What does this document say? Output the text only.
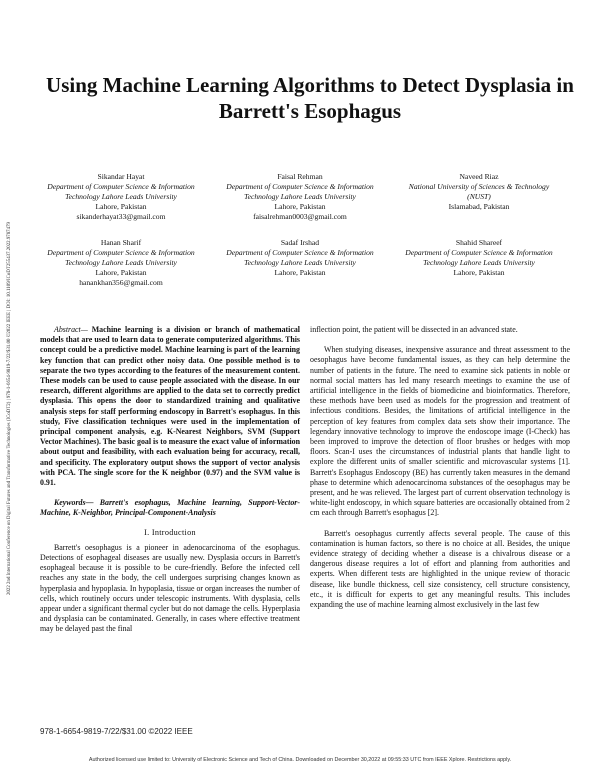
2022 2nd International Conference on Digital Futures and Transformative Technologies (ICoDT2) | 978-1-6654-9819-7/22/$31.00 ©2022 IEEE | DOI: 10.1109/ICoDT255437.2022.9787479
Using Machine Learning Algorithms to Detect Dysplasia in Barrett's Esophagus
Sikandar Hayat
Department of Computer Science & Information Technology Lahore Leads University
Lahore, Pakistan
sikanderhayat33@gmail.com
Faisal Rehman
Department of Computer Science & Information Technology Lahore Leads University
Lahore, Pakistan
faisalrehman0003@gmail.com
Naveed Riaz
National University of Sciences & Technology (NUST)
Islamabad, Pakistan
Hanan Sharif
Department of Computer Science & Information Technology Lahore Leads University
Lahore, Pakistan
hanankhan356@gmail.com
Sadaf Irshad
Department of Computer Science & Information Technology Lahore Leads University
Lahore, Pakistan
Shahid Shareef
Department of Computer Science & Information Technology Lahore Leads University
Lahore, Pakistan

Abstract— Machine learning is a division or branch of mathematical models that are used to learn data to generate computerized algorithms. This concept could be a predictive model. Machine learning is part of the learning key function that can predict other noisy data. One possible method is to separate the two types according to the features of the measurement content. These models can be used to cause people associated with the disease. In our research, different algorithms are applied to the data set to correctly predict dysplasia. This opens the door to standardized training and qualitative analysis steps for staff performing endoscopy in Barrett's esophagus. In this study, Five classification techniques were used in the implementation of principal component analysis, e.g. K-Nearest Neighbors, SVM (Support Vector Machines). The basic goal is to measure the exact value of information about output and feasibility, with each evaluation being for accuracy, recall, and specificity. The exploratory output shows the support of vector analysis with PCA. The single score for the K neighbor (0.97) and the SVM value is 0.91.

Keywords— Barrett's esophagus, Machine learning, Support-Vector-Machine, K-Neighbor, Principal-Component-Analysis

I. Introduction

Barrett's oesophagus is a pioneer in adenocarcinoma of the esophagus. Detections of esophageal diseases are usually new. Dysplasia occurs in Barrett's esophageal because it is possible to be cure-friendly. Before the infected cell reaches any state in the body, the cell undergoes surprising changes known as hyperplasia and hypoplasia. In hypoplasia, tissue or organ increases the number of cells, which routinely occurs under telescopic instruments. With dysplasia, cells appear under a significant thermal cycler but do not damage the cells. Hyperplasia and dysplasia can be contaminated. Generally, in cases where effective treatment may be delayed past the final

inflection point, the patient will be dissected in an advanced state.

When studying diseases, inexpensive assurance and threat assessment to the oesophagus have become fundamental issues, as they can help determine the number of patients in the future. The need to examine sick patients in noble or normal social matters has led many research meetings to examine the use of artificial intelligence in the fields of biomedicine and bioinformatics. Therefore, these methods have been used as models for the progression and treatment of infectious conditions. Besides, the limitations of artificial intelligence in the perception of key features from complex data sets show their importance. The legendary innovative technology to improve the endoscope image (I-Check) has been improved to improve the detection of floor brushes or hedges with mop floors. Scan-I uses the circumstances of industrial plants that handle light to explore the different units of smaller scientific and microvascular systems [1]. Barrett's Esophagus Endoscopy (BE) has currently taken measures in the demand phase to determine which adenocarcinoma substances of the oesophagus may be present, and he was relieved. The largest part of current observation technology is white-light endoscopy, in which square batteries are occasionally obtained from 2 cm each through Barrett's esophagus [2].

Barrett's oesophagus currently affects several people. The cause of this contamination is human factors, so there is no choice at all. Besides, the unique evidence strategy of deciding whether a disease is a chivalrous disease or a dangerous disease requires a lot of effort and planning from authorities and experts. When different tests are highlighted in the unique review of thoracic disease, like bundle thickness, cell size consistency, cell structure consistency, etc., it is difficult for experts to get any meaningful results. This includes expanding the use of machine learning almost exclusively in the last few

978-1-6654-9819-7/22/$31.00 ©2022 IEEE
Authorized licensed use limited to: University of Electronic Science and Tech of China. Downloaded on December 30,2022 at 09:55:33 UTC from IEEE Xplore. Restrictions apply.
